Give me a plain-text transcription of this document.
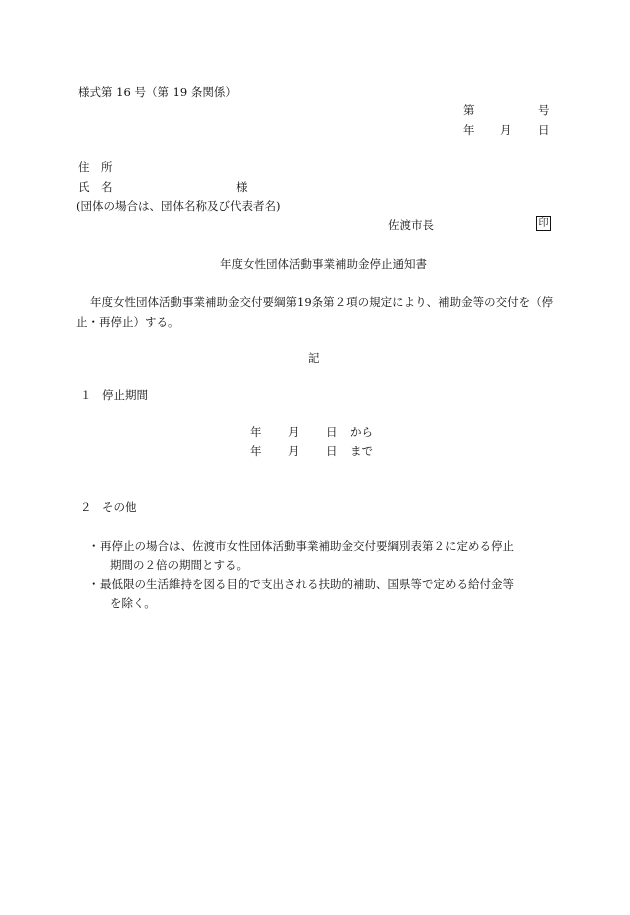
様式第 16 号（第 19 条関係）
第	号
年 月 日
住　所
氏　名	様
(団体の場合は、団体名称及び代表者名)
佐渡市長	印
年度女性団体活動事業補助金停止通知書
年度女性団体活動事業補助金交付要綱第19条第２項の規定により、補助金等の交付を（停止・再停止）する。
記
１ 停止期間
年 月 日 から
年 月 日 まで
２ その他
・ 再停止の場合は、佐渡市女性団体活動事業補助金交付要綱別表第２に定める停止
期間の２倍の期間とする。
・ 最低限の生活維持を図る目的で支出される扶助的補助、国県等で定める給付金等
を除く。
